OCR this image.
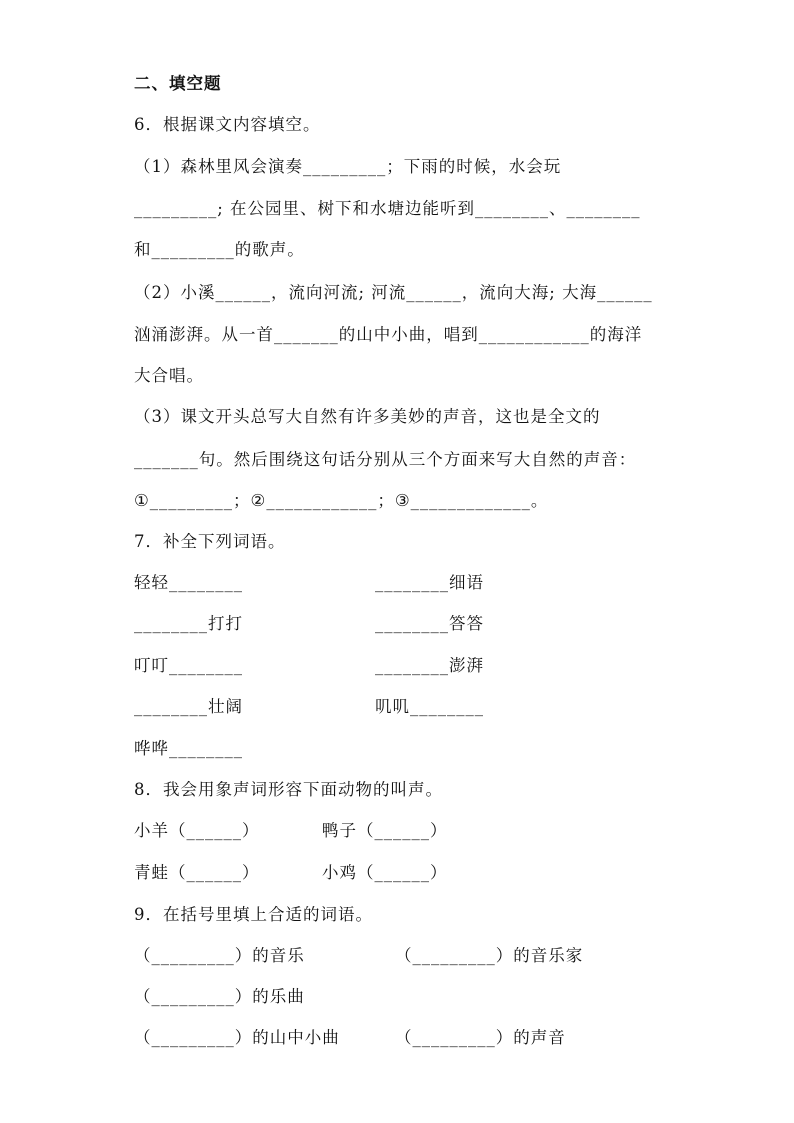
二、填空题
6．根据课文内容填空。
（1）森林里风会演奏_________；下雨的时候，水会玩
_________; 在公园里、树下和水塘边能听到________、________
和_________的歌声。
（2）小溪______，流向河流; 河流______，流向大海; 大海______
汹涌澎湃。从一首_______的山中小曲，唱到____________的海洋
大合唱。
（3）课文开头总写大自然有许多美妙的声音，这也是全文的
_______句。然后围绕这句话分别从三个方面来写大自然的声音：
①_________；②____________；③_____________。
7．补全下列词语。
轻轻________	________细语
________打打	________答答
叮叮________	________澎湃
________壮阔	叽叽________
哗哗________
8．我会用象声词形容下面动物的叫声。
小羊（______）	鸭子（______）
青蛙（______）	小鸡（______）
9．在括号里填上合适的词语。
（_________）的音乐	（_________）的音乐家
（_________）的乐曲
（_________）的山中小曲	（_________）的声音
